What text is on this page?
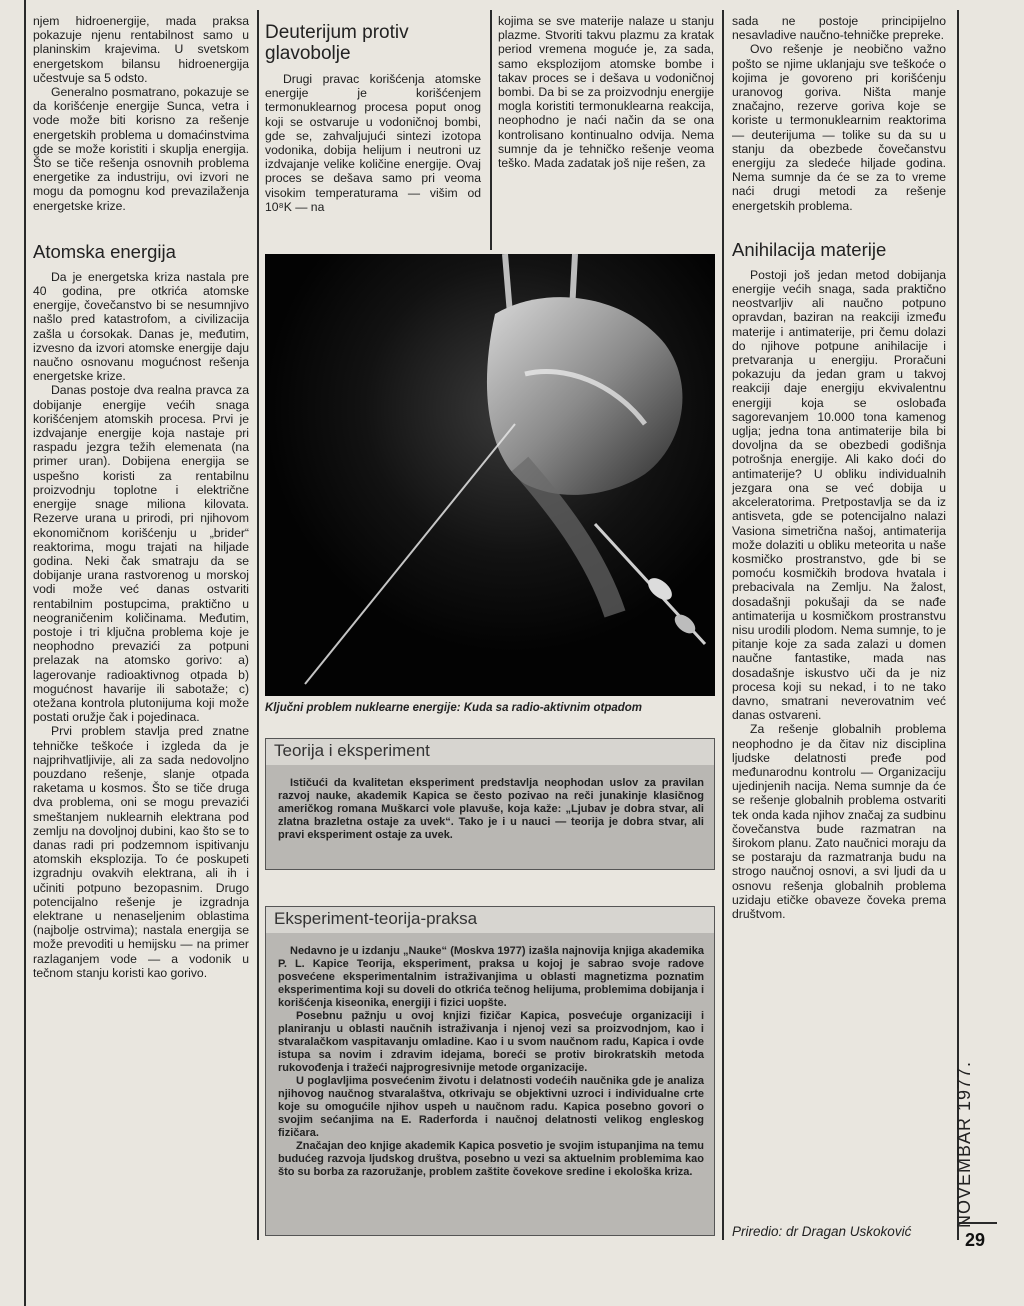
njem hidroenergije, mada praksa pokazuje njenu rentabilnost samo u planinskim krajevima. U svetskom energetskom bilansu hidroenergija učestvuje sa 5 odsto.

Generalno posmatrano, pokazuje se da korišćenje energije Sunca, vetra i vode može biti korisno za rešenje energetskih problema u domaćinstvima gde se može koristiti i skuplja energija. Što se tiče rešenja osnovnih problema energetike za industriju, ovi izvori ne mogu da pomognu kod prevazilaženja energetske krize.

Atomska energija

Da je energetska kriza nastala pre 40 godina, pre otkrića atomske energije, čovečanstvo bi se nesumnjivo našlo pred katastrofom, a civilizacija zašla u ćorsokak. Danas je, međutim, izvesno da izvori atomske energije daju naučno osnovanu mogućnost rešenja energetske krize.

Danas postoje dva realna pravca za dobijanje energije većih snaga korišćenjem atomskih procesa. Prvi je izdvajanje energije koja nastaje pri raspadu jezgra težih elemenata (na primer uran). Dobijena energija se uspešno koristi za rentabilnu proizvodnju toplotne i električne energije snage miliona kilovata. Rezerve urana u prirodi, pri njihovom ekonomičnom korišćenju u „brider“ reaktorima, mogu trajati na hiljade godina. Neki čak smatraju da se dobijanje urana rastvorenog u morskoj vodi može već danas ostvariti rentabilnim postupcima, praktično u neograničenim količinama. Međutim, postoje i tri ključna problema koje je neophodno prevazići za potpuni prelazak na atomsko gorivo: a) lagerovanje radioaktivnog otpada b) mogućnost havarije ili sabotaže; c) otežana kontrola plutonijuma koji može postati oružje čak i pojedinaca.

Prvi problem stavlja pred znatne tehničke teškoće i izgleda da je najprihvatljivije, ali za sada nedovoljno pouzdano rešenje, slanje otpada raketama u kosmos. Što se tiče druga dva problema, oni se mogu prevazići smeštanjem nuklearnih elektrana pod zemlju na dovoljnoj dubini, kao što se to danas radi pri podzemnom ispitivanju atomskih eksplozija. To će poskupeti izgradnju ovakvih elektrana, ali ih i učiniti potpuno bezopasnim. Drugo potencijalno rešenje je izgradnja elektrane u nenaseljenim oblastima (najbolje ostrvima); nastala energija se može prevoditi u hemijsku — na primer razlaganjem vode — a vodonik u tečnom stanju koristi kao gorivo.

Deuterijum protiv glavobolje

Drugi pravac korišćenja atomske energije je korišćenjem termonuklearnog procesa poput onog koji se ostvaruje u vodoničnoj bombi, gde se, zahvaljujući sintezi izotopa vodonika, dobija helijum i neutroni uz izdvajanje velike količine energije. Ovaj proces se dešava samo pri veoma visokim temperaturama — višim od 10⁸K — na

kojima se sve materije nalaze u stanju plazme. Stvoriti takvu plazmu za kratak period vremena moguće je, za sada, samo eksplozijom atomske bombe i takav proces se i dešava u vodoničnoj bombi. Da bi se za proizvodnju energije mogla koristiti termonuklearna reakcija, neophodno je naći način da se ona kontrolisano kontinualno odvija. Nema sumnje da je tehničko rešenje veoma teško. Mada zadatak još nije rešen, za

Ključni problem nuklearne energije: Kuda sa radio-aktivnim otpadom
Teorija i eksperiment

Ističući da kvalitetan eksperiment predstavlja neophodan uslov za pravilan razvoj nauke, akademik Kapica se često pozivao na reči junakinje klasičnog američkog romana Muškarci vole plavuše, koja kaže: „Ljubav je dobra stvar, ali zlatna brazletna ostaje za uvek“. Tako je i u nauci — teorija je dobra stvar, ali pravi eksperiment ostaje za uvek.

Eksperiment-teorija-praksa

Nedavno je u izdanju „Nauke“ (Moskva 1977) izašla najnovija knjiga akademika P. L. Kapice Teorija, eksperiment, praksa u kojoj je sabrao svoje radove posvećene eksperimentalnim istraživanjima u oblasti magnetizma poznatim eksperimentima koji su doveli do otkrića tečnog helijuma, problemima dobijanja i korišćenja kiseonika, energiji i fizici uopšte.

Posebnu pažnju u ovoj knjizi fizičar Kapica, posvećuje organizaciji i planiranju u oblasti naučnih istraživanja i njenoj vezi sa proizvodnjom, kao i stvaralačkom vaspitavanju omladine. Kao i u svom naučnom radu, Kapica i ovde istupa sa novim i zdravim idejama, boreći se protiv birokratskih metoda rukovođenja i tražeći najprogresivnije metode organizacije.

U poglavljima posvećenim životu i delatnosti vodećih naučnika gde je analiza njihovog naučnog stvaralaštva, otkrivaju se objektivni uzroci i individualne crte koje su omogućile njihov uspeh u naučnom radu. Kapica posebno govori o svojim sećanjima na E. Raderforda i naučnoj delatnosti velikog engleskog fizičara.

Značajan deo knjige akademik Kapica posvetio je svojim istupanjima na temu budućeg razvoja ljudskog društva, posebno u vezi sa aktuelnim problemima kao što su borba za razoružanje, problem zaštite čovekove sredine i ekološka kriza.

sada ne postoje principijelno nesavladive naučno-tehničke prepreke.

Ovo rešenje je neobično važno pošto se njime uklanjaju sve teškoće o kojima je govoreno pri korišćenju uranovog goriva. Ništa manje značajno, rezerve goriva koje se koriste u termonuklearnim reaktorima — deuterijuma — tolike su da su u stanju da obezbede čovečanstvu energiju za sledeće hiljade godina. Nema sumnje da će se za to vreme naći drugi metodi za rešenje energetskih problema.

Anihilacija materije

Postoji još jedan metod dobijanja energije većih snaga, sada praktično neostvarljiv ali naučno potpuno opravdan, baziran na reakciji između materije i antimaterije, pri čemu dolazi do njihove potpune anihilacije i pretvaranja u energiju. Proračuni pokazuju da jedan gram u takvoj reakciji daje energiju ekvivalentnu energiji koja se oslobađa sagorevanjem 10.000 tona kamenog uglja; jedna tona antimaterije bila bi dovoljna da se obezbedi godišnja potrošnja energije. Ali kako doći do antimaterije? U obliku individualnih jezgara ona se već dobija u akceleratorima. Pretpostavlja se da iz antisveta, gde se potencijalno nalazi Vasiona simetrična našoj, antimaterija može dolaziti u obliku meteorita u naše kosmičko prostranstvo, gde bi se pomoću kosmičkih brodova hvatala i prebacivala na Zemlju. Na žalost, dosadašnji pokušaji da se nađe antimaterija u kosmičkom prostranstvu nisu urodili plodom. Nema sumnje, to je pitanje koje za sada zalazi u domen naučne fantastike, mada nas dosadašnje iskustvo uči da je niz procesa koji su nekad, i to ne tako davno, smatrani neverovatnim već danas ostvareni.

Za rešenje globalnih problema neophodno je da čitav niz disciplina ljudske delatnosti pređe pod međunarodnu kontrolu — Organizaciju ujedinjenih nacija. Nema sumnje da će se rešenje globalnih problema ostvariti tek onda kada njihov značaj za sudbinu čovečanstva bude razmatran na širokom planu. Zato naučnici moraju da se postaraju da razmatranja budu na strogo naučnoj osnovi, a svi ljudi da u osnovu rešenja globalnih problema uzidaju etičke obaveze čoveka prema društvom.

Priredio: dr Dragan Uskoković
NOVEMBAR 1977.
29
